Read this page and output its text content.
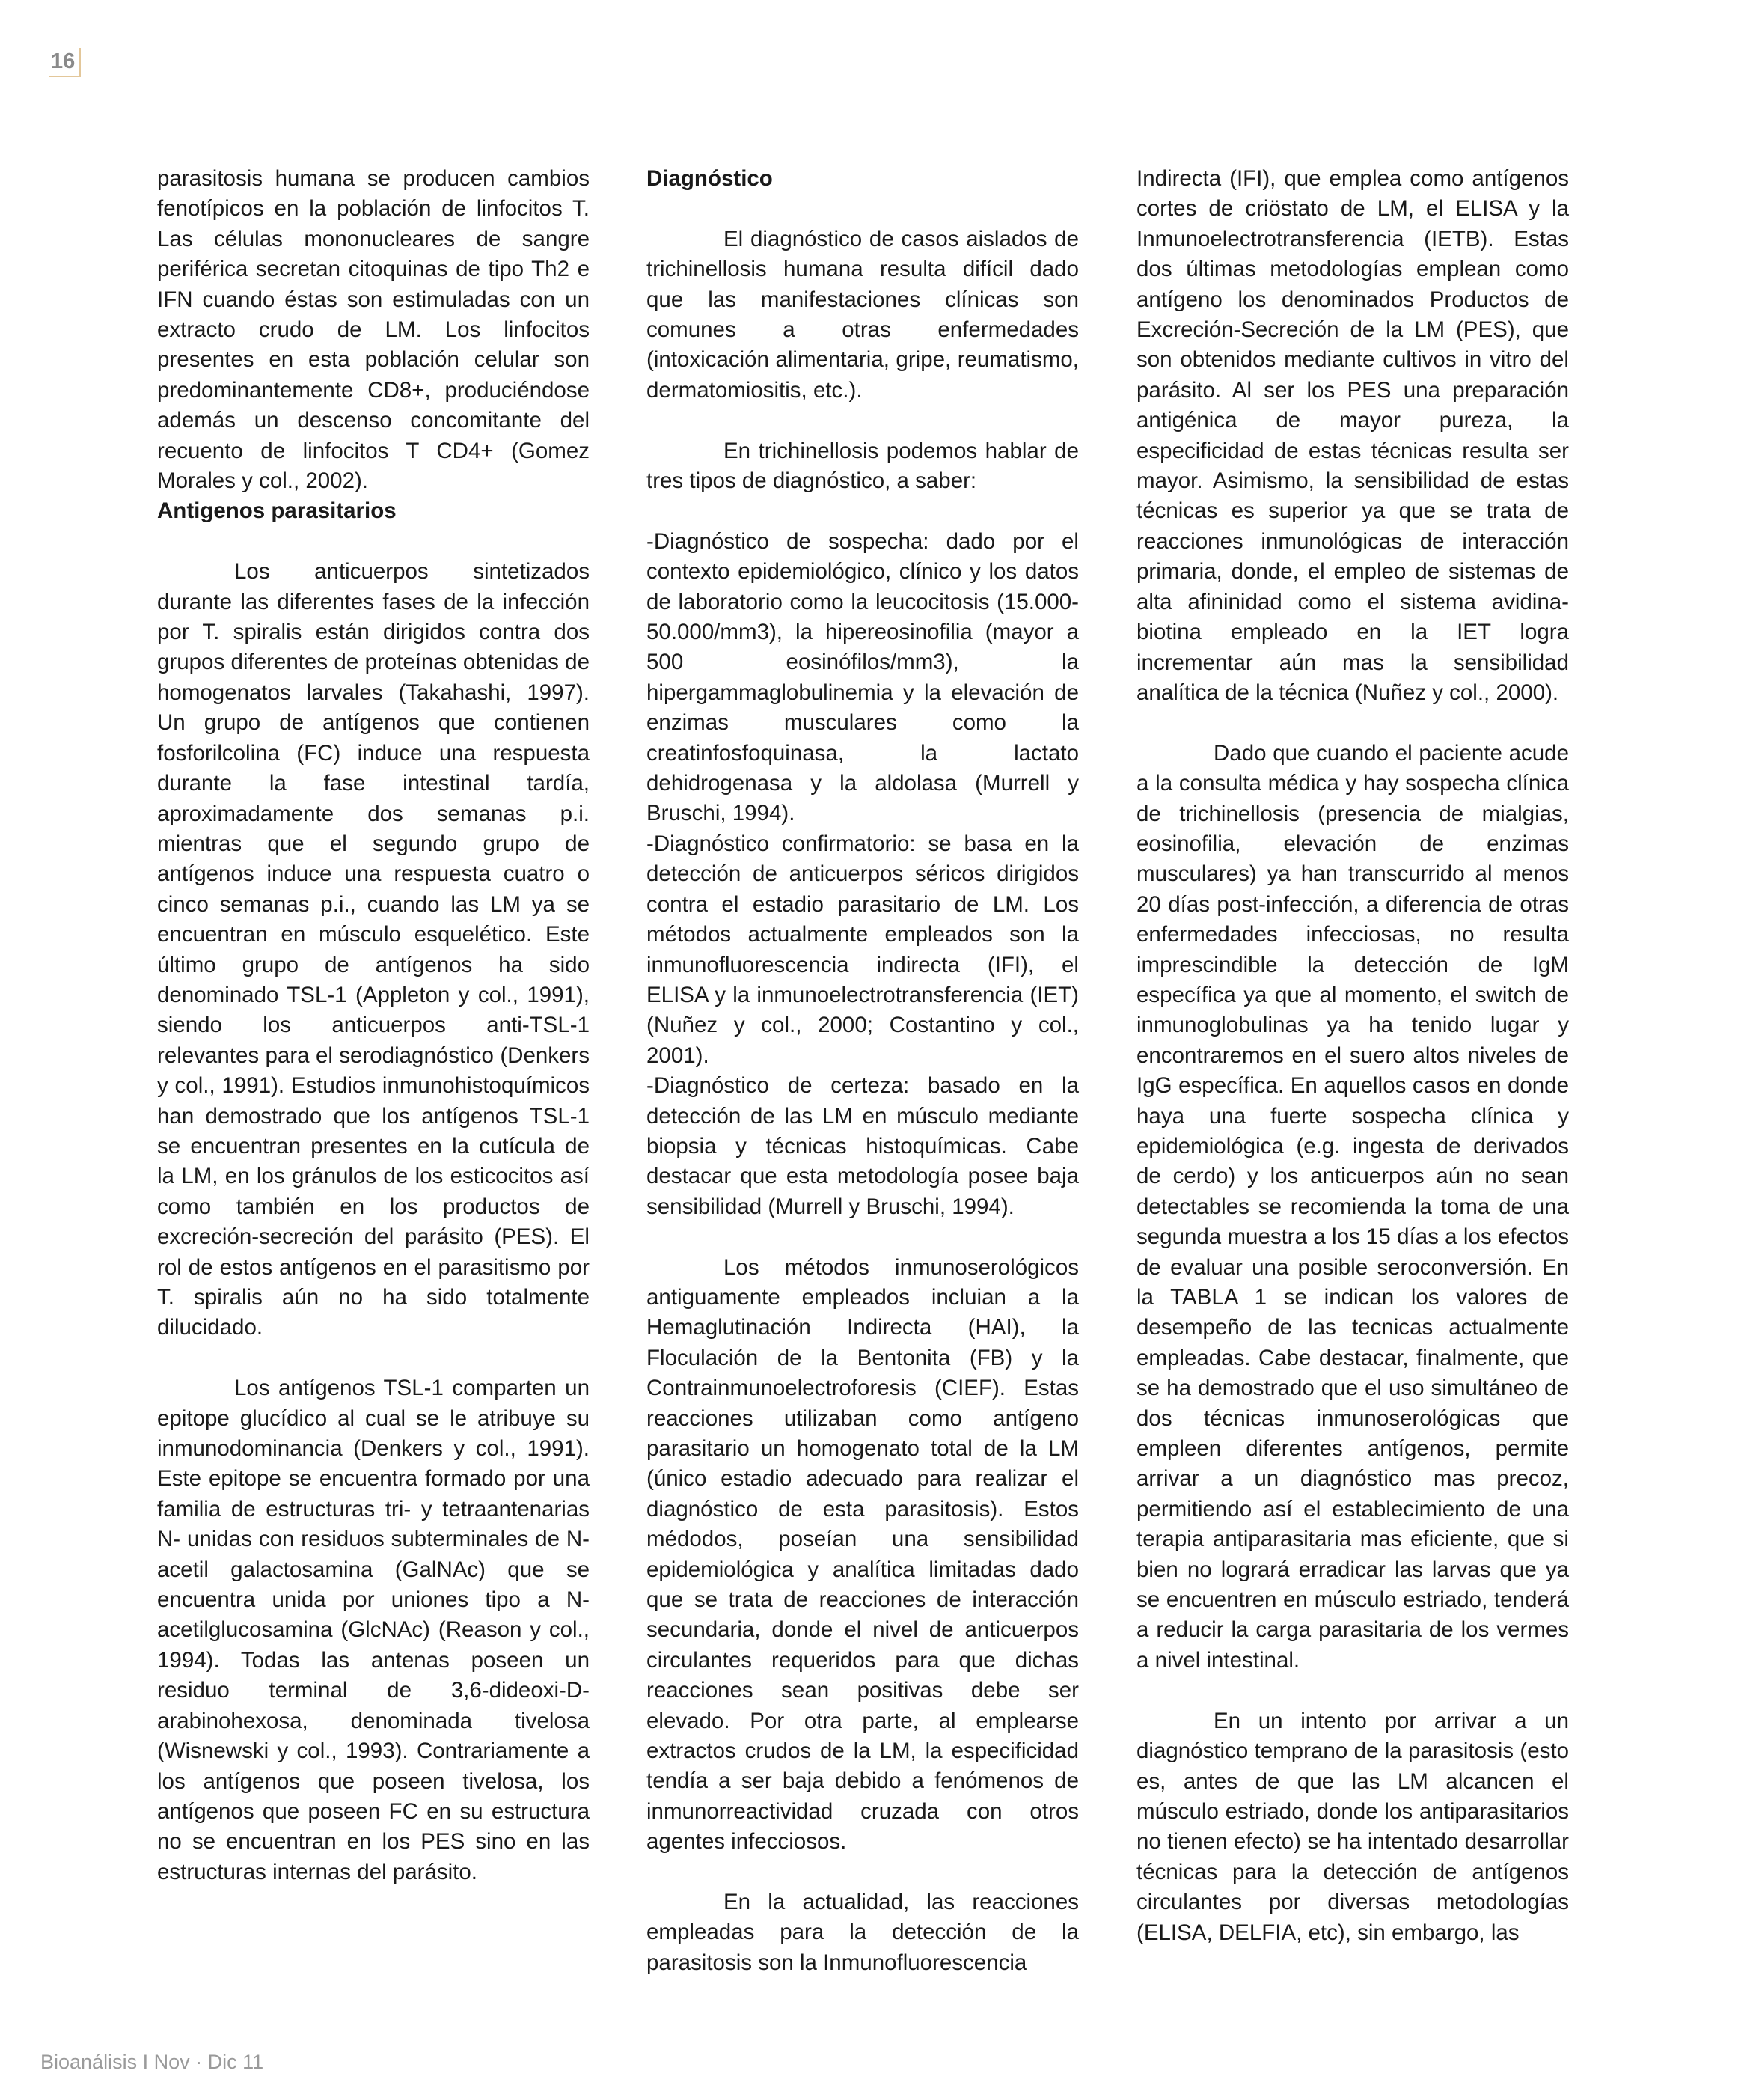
16

parasitosis humana se producen cambios fenotípicos en la población de linfocitos T. Las células mononucleares de sangre periférica secretan citoquinas de tipo Th2 e IFN cuando éstas son estimuladas con un extracto crudo de LM. Los linfocitos presentes en esta población celular son predominantemente CD8+, produciéndose además un descenso concomitante del recuento de linfocitos T CD4+ (Gomez Morales y col., 2002).

Antigenos parasitarios

Los anticuerpos sintetizados durante las diferentes fases de la infección por T. spiralis están dirigidos contra dos grupos diferentes de proteínas obtenidas de homogenatos larvales (Takahashi, 1997). Un grupo de antígenos que contienen fosforilcolina (FC) induce una respuesta durante la fase intestinal tardía, aproximadamente dos semanas p.i. mientras que el segundo grupo de antígenos induce una respuesta cuatro o cinco semanas p.i., cuando las LM ya se encuentran en músculo esquelético. Este último grupo de antígenos ha sido denominado TSL-1 (Appleton y col., 1991), siendo los anticuerpos anti-TSL-1 relevantes para el serodiagnóstico (Denkers y col., 1991). Estudios inmunohistoquímicos han demostrado que los antígenos TSL-1 se encuentran presentes en la cutícula de la LM, en los gránulos de los esticocitos así como también en los productos de excreción-secreción del parásito (PES). El rol de estos antígenos en el parasitismo por T. spiralis aún no ha sido totalmente dilucidado.

Los antígenos TSL-1 comparten un epitope glucídico al cual se le atribuye su inmunodominancia (Denkers y col., 1991). Este epitope se encuentra formado por una familia de estructuras tri- y tetraantenarias N- unidas con residuos subterminales de N-acetil galactosamina (GalNAc) que se encuentra unida por uniones tipo a N-acetilglucosamina (GlcNAc) (Reason y col., 1994). Todas las antenas poseen un residuo terminal de 3,6-dideoxi-D-arabinohexosa, denominada tivelosa (Wisnewski y col., 1993). Contrariamente a los antígenos que poseen tivelosa, los antígenos que poseen FC en su estructura no se encuentran en los PES sino en las estructuras internas del parásito.

Diagnóstico

El diagnóstico de casos aislados de trichinellosis humana resulta difícil dado que las manifestaciones clínicas son comunes a otras enfermedades (intoxicación alimentaria, gripe, reumatismo, dermatomiositis, etc.).

En trichinellosis podemos hablar de tres tipos de diagnóstico, a saber:

-Diagnóstico de sospecha: dado por el contexto epidemiológico, clínico y los datos de laboratorio como la leucocitosis (15.000-50.000/mm3), la hipereosinofilia (mayor a 500 eosinófilos/mm3), la hipergammaglobulinemia y la elevación de enzimas musculares como la creatinfosfoquinasa, la lactato dehidrogenasa y la aldolasa (Murrell y Bruschi, 1994).

-Diagnóstico confirmatorio: se basa en la detección de anticuerpos séricos dirigidos contra el estadio parasitario de LM. Los métodos actualmente empleados son la inmunofluorescencia indirecta (IFI), el ELISA y la inmunoelectrotransferencia (IET) (Nuñez y col., 2000; Costantino y col., 2001).

-Diagnóstico de certeza: basado en la detección de las LM en músculo mediante biopsia y técnicas histoquímicas. Cabe destacar que esta metodología posee baja sensibilidad (Murrell y Bruschi, 1994).

Los métodos inmunoserológicos antiguamente empleados incluian a la Hemaglutinación Indirecta (HAI), la Floculación de la Bentonita (FB) y la Contrainmunoelectroforesis (CIEF). Estas reacciones utilizaban como antígeno parasitario un homogenato total de la LM (único estadio adecuado para realizar el diagnóstico de esta parasitosis). Estos médodos, poseían una sensibilidad epidemiológica y analítica limitadas dado que se trata de reacciones de interacción secundaria, donde el nivel de anticuerpos circulantes requeridos para que dichas reacciones sean positivas debe ser elevado. Por otra parte, al emplearse extractos crudos de la LM, la especificidad tendía a ser baja debido a fenómenos de inmunorreactividad cruzada con otros agentes infecciosos.

En la actualidad, las reacciones empleadas para la detección de la parasitosis son la Inmunofluorescencia

Indirecta (IFI), que emplea como antígenos cortes de criöstato de LM, el ELISA y la Inmunoelectrotransferencia (IETB). Estas dos últimas metodologías emplean como antígeno los denominados Productos de Excreción-Secreción de la LM (PES), que son obtenidos mediante cultivos in vitro del parásito. Al ser los PES una preparación antigénica de mayor pureza, la especificidad de estas técnicas resulta ser mayor. Asimismo, la sensibilidad de estas técnicas es superior ya que se trata de reacciones inmunológicas de interacción primaria, donde, el empleo de sistemas de alta afininidad como el sistema avidina-biotina empleado en la IET logra incrementar aún mas la sensibilidad analítica de la técnica (Nuñez y col., 2000).

Dado que cuando el paciente acude a la consulta médica y hay sospecha clínica de trichinellosis (presencia de mialgias, eosinofilia, elevación de enzimas musculares) ya han transcurrido al menos 20 días post-infección, a diferencia de otras enfermedades infecciosas, no resulta imprescindible la detección de IgM específica ya que al momento, el switch de inmunoglobulinas ya ha tenido lugar y encontraremos en el suero altos niveles de IgG específica. En aquellos casos en donde haya una fuerte sospecha clínica y epidemiológica (e.g. ingesta de derivados de cerdo) y los anticuerpos aún no sean detectables se recomienda la toma de una segunda muestra a los 15 días a los efectos de evaluar una posible seroconversión. En la TABLA 1 se indican los valores de desempeño de las tecnicas actualmente empleadas. Cabe destacar, finalmente, que se ha demostrado que el uso simultáneo de dos técnicas inmunoserológicas que empleen diferentes antígenos, permite arrivar a un diagnóstico mas precoz, permitiendo así el establecimiento de una terapia antiparasitaria mas eficiente, que si bien no logrará erradicar las larvas que ya se encuentren en músculo estriado, tenderá a reducir la carga parasitaria de los vermes a nivel intestinal.

En un intento por arrivar a un diagnóstico temprano de la parasitosis (esto es, antes de que las LM alcancen el músculo estriado, donde los antiparasitarios no tienen efecto) se ha intentado desarrollar técnicas para la detección de antígenos circulantes por diversas metodologías (ELISA, DELFIA, etc), sin embargo, las

Bioanálisis I Nov · Dic 11
